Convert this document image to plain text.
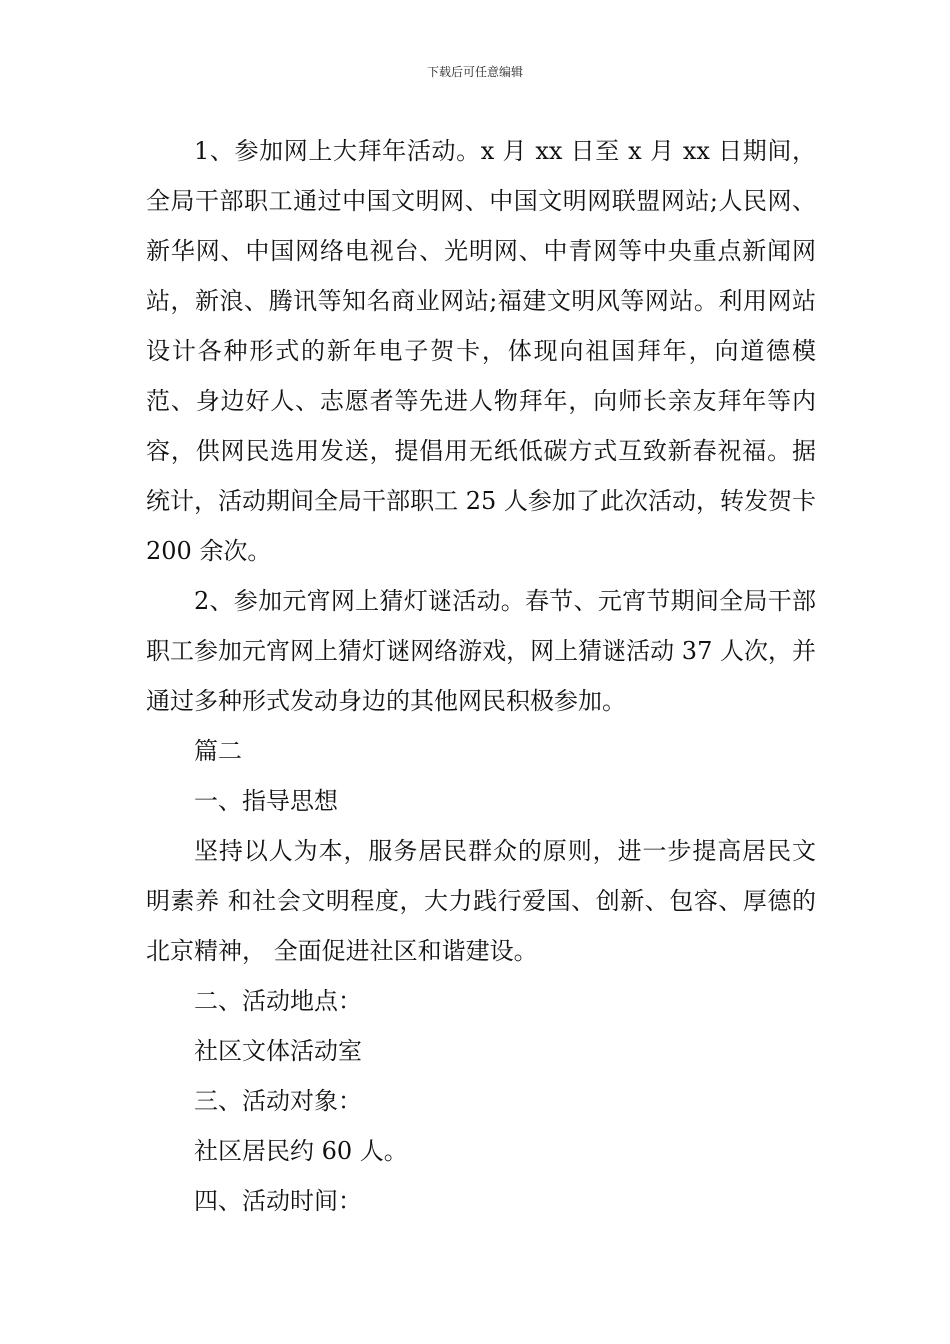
下载后可任意编辑

1、参加网上大拜年活动。x 月 xx 日至 x 月 xx 日期间，全局干部职工通过中国文明网、中国文明网联盟网站;人民网、新华网、中国网络电视台、光明网、中青网等中央重点新闻网站，新浪、腾讯等知名商业网站;福建文明风等网站。利用网站设计各种形式的新年电子贺卡，体现向祖国拜年，向道德模范、身边好人、志愿者等先进人物拜年，向师长亲友拜年等内容，供网民选用发送，提倡用无纸低碳方式互致新春祝福。据统计，活动期间全局干部职工 25 人参加了此次活动，转发贺卡 200 余次。

2、参加元宵网上猜灯谜活动。春节、元宵节期间全局干部职工参加元宵网上猜灯谜网络游戏，网上猜谜活动 37 人次，并通过多种形式发动身边的其他网民积极参加。

篇二

一、指导思想

坚持以人为本，服务居民群众的原则，进一步提高居民文明素养 和社会文明程度，大力践行爱国、创新、包容、厚德的北京精神， 全面促进社区和谐建设。

二、活动地点：

社区文体活动室

三、活动对象：

社区居民约 60 人。

四、活动时间：
